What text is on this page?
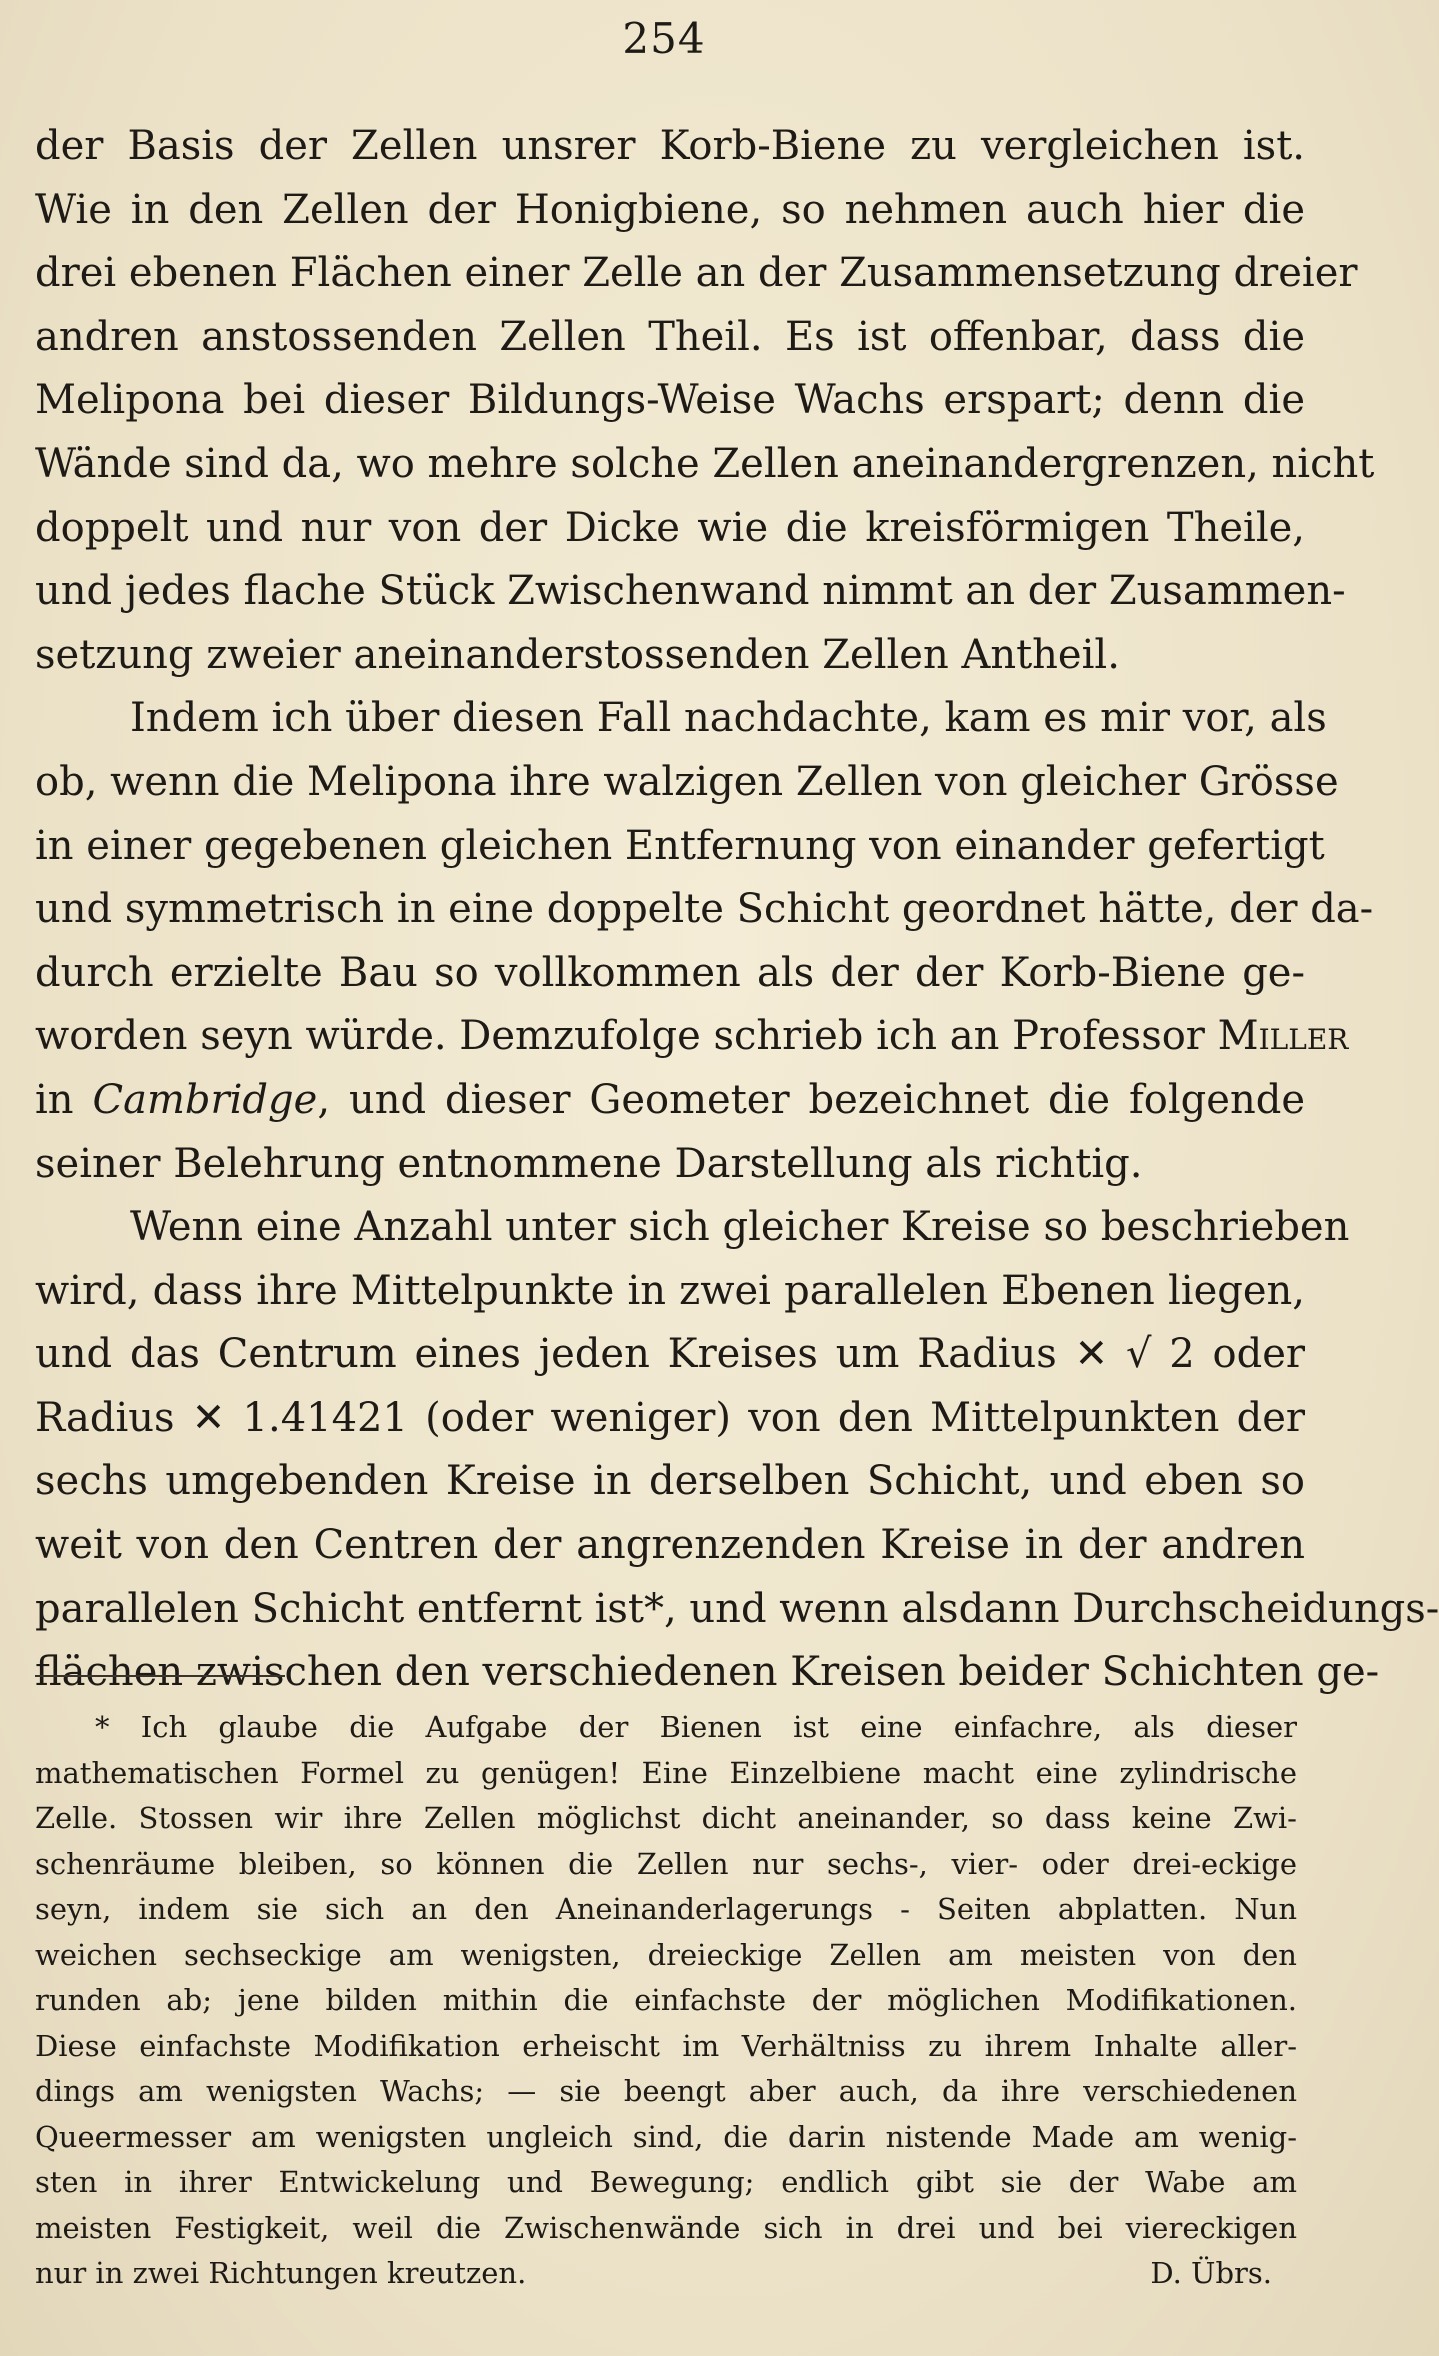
254
der Basis der Zellen unsrer Korb-Biene zu vergleichen ist.
Wie in den Zellen der Honigbiene, so nehmen auch hier die
drei ebenen Flächen einer Zelle an der Zusammensetzung dreier
andren anstossenden Zellen Theil. Es ist offenbar, dass die
Melipona bei dieser Bildungs-Weise Wachs erspart; denn die
Wände sind da, wo mehre solche Zellen aneinandergrenzen, nicht
doppelt und nur von der Dicke wie die kreisförmigen Theile,
und jedes flache Stück Zwischenwand nimmt an der Zusammen-
setzung zweier aneinanderstossenden Zellen Antheil.
Indem ich über diesen Fall nachdachte, kam es mir vor, als
ob, wenn die Melipona ihre walzigen Zellen von gleicher Grösse
in einer gegebenen gleichen Entfernung von einander gefertigt
und symmetrisch in eine doppelte Schicht geordnet hätte, der da-
durch erzielte Bau so vollkommen als der der Korb-Biene ge-
worden seyn würde. Demzufolge schrieb ich an Professor Miller
in Cambridge, und dieser Geometer bezeichnet die folgende
seiner Belehrung entnommene Darstellung als richtig.
Wenn eine Anzahl unter sich gleicher Kreise so beschrieben
wird, dass ihre Mittelpunkte in zwei parallelen Ebenen liegen,
und das Centrum eines jeden Kreises um Radius ✕ √ 2 oder
Radius ✕ 1.41421 (oder weniger) von den Mittelpunkten der
sechs umgebenden Kreise in derselben Schicht, und eben so
weit von den Centren der angrenzenden Kreise in der andren
parallelen Schicht entfernt ist*, und wenn alsdann Durchscheidungs-
flächen zwischen den verschiedenen Kreisen beider Schichten ge-
* Ich glaube die Aufgabe der Bienen ist eine einfachre, als dieser
mathematischen Formel zu genügen! Eine Einzelbiene macht eine zylindrische
Zelle. Stossen wir ihre Zellen möglichst dicht aneinander, so dass keine Zwi-
schenräume bleiben, so können die Zellen nur sechs-, vier- oder drei-eckige
seyn, indem sie sich an den Aneinanderlagerungs - Seiten abplatten. Nun
weichen sechseckige am wenigsten, dreieckige Zellen am meisten von den
runden ab; jene bilden mithin die einfachste der möglichen Modifikationen.
Diese einfachste Modifikation erheischt im Verhältniss zu ihrem Inhalte aller-
dings am wenigsten Wachs; — sie beengt aber auch, da ihre verschiedenen
Queermesser am wenigsten ungleich sind, die darin nistende Made am wenig-
sten in ihrer Entwickelung und Bewegung; endlich gibt sie der Wabe am
meisten Festigkeit, weil die Zwischenwände sich in drei und bei viereckigen
nur in zwei Richtungen kreutzen.	D. Übrs.
